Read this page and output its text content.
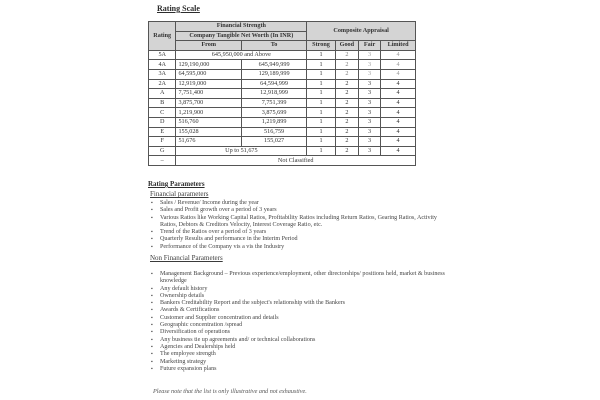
Rating Scale
Rating	Financial Strength		Composite Appraisal			
	Company Tangible Net Worth (In INR)					
	From	To	Strong	Good	Fair	Limited
5A	645,950,000 and Above		1	2	3	4
4A	129,190,000	645,949,999	1	2	3	4
3A	64,595,000	129,189,999	1	2	3	4
2A	12,919,000	64,594,999	1	2	3	4
A	7,751,400	12,918,999	1	2	3	4
B	3,875,700	7,751,399	1	2	3	4
C	1,219,900	3,875,699	1	2	3	4
D	516,760	1,219,899	1	2	3	4
E	155,028	516,759	1	2	3	4
F	51,676	155,027	1	2	3	4
G	Up to 51,675		1	2	3	4
–	Not Classified					
Rating Parameters
Financial parameters
▪ Sales / Revenue/ Income during the year
▪ Sales and Profit growth over a period of 3 years
▪ Various Ratios like Working Capital Ratios, Profitability Ratios including Return Ratios, Gearing Ratios, Activity Ratios, Debtors & Creditors Velocity, Interest Coverage Ratio, etc.
▪ Trend of the Ratios over a period of 3 years
▪ Quarterly Results and performance in the Interim Period
▪ Performance of the Company vis a vis the Industry
Non Financial Parameters
▪ Management Background – Previous experience/employment, other directorships/ positions held, market & business knowledge
▪ Any default history
▪ Ownership details
▪ Bankers Creditability Report and the subject's relationship with the Bankers
▪ Awards & Certifications
▪ Customer and Supplier concentration and details
▪ Geographic concentration /spread
▪ Diversification of operations
▪ Any business tie up agreements and/ or technical collaborations
▪ Agencies and Dealerships held
▪ The employee strength
▪ Marketing strategy
▪ Future expansion plans
Please note that the list is only illustrative and not exhaustive.
